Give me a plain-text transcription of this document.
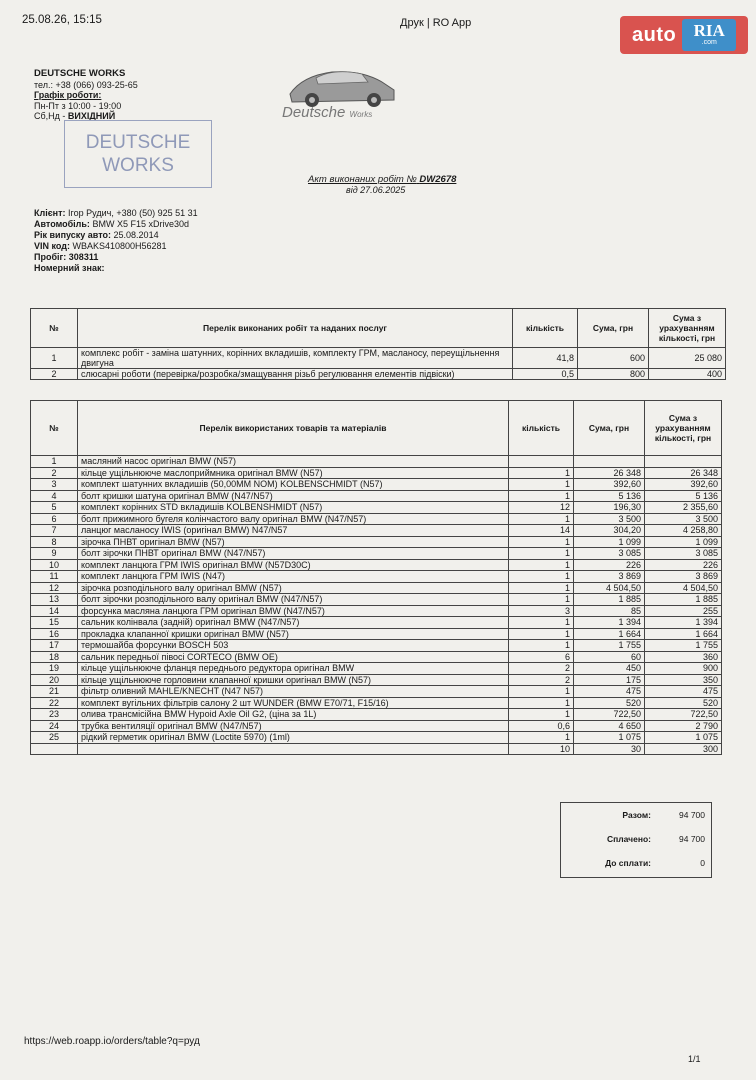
25.08.26, 15:15	Друк | RO App
auto RIA
.com
DEUTSCHE WORKS
тел.: +38 (066) 093-25-65
Графік роботи:
Пн-Пт з 10:00 - 19:00
Сб,Нд - ВИХІДНИЙ
DEUTSCHE
WORKS
Deutsche Works
Акт виконаних робіт № DW2678
від 27.06.2025
Клієнт: Ігор Рудич, +380 (50) 925 51 31
Автомобіль: BMW X5 F15 xDrive30d
Рік випуску авто: 25.08.2014
VIN код: WBAKS410800H56281
Пробіг: 308311
Номерний знак:
№	Перелік виконаних робіт та наданих послуг	кількість	Сума, грн	Сума з урахуванням кількості, грн
1	комплекс робіт - заміна шатунних, корінних вкладишів, комплекту ГРМ, масланосу, переущільнення двигуна	41,8	600	25 080
2	слюсарні роботи (перевірка/розробка/змащування різьб регулювання елементів підвіски)	0,5	800	400
№	Перелік використаних товарів та матеріалів	кількість	Сума, грн	Сума з урахуванням кількості, грн
1	масляний насос оригінал BMW (N57)			
2	кільце ущільнююче маслоприймника оригінал BMW (N57)	1	26 348	26 348
3	комплект шатунних вкладишів (50,00MM NOM) KOLBENSCHMIDT (N57)	1	392,60	392,60
4	болт кришки шатуна оригінал BMW (N47/N57)	1	5 136	5 136
5	комплект корінних STD вкладишів KOLBENSHMIDT (N57)	12	196,30	2 355,60
6	болт прижимного бугеля колінчастого валу оригінал BMW (N47/N57)	1	3 500	3 500
7	ланцюг масланосу IWIS (оригінал BMW) N47/N57	14	304,20	4 258,80
8	зірочка ПНВТ оригінал BMW (N57)	1	1 099	1 099
9	болт зірочки ПНВТ оригінал BMW (N47/N57)	1	3 085	3 085
10	комплект ланцюга ГРМ IWIS оригінал BMW (N57D30C)	1	226	226
11	комплект ланцюга ГРМ IWIS (N47)	1	3 869	3 869
12	зірочка розподільного валу оригінал BMW (N57)	1	4 504,50	4 504,50
13	болт зірочки розподільного валу оригінал BMW (N47/N57)	1	1 885	1 885
14	форсунка масляна ланцюга ГРМ оригінал BMW (N47/N57)	3	85	255
15	сальник колінвала (задній) оригінал BMW (N47/N57)	1	1 394	1 394
16	прокладка клапанної кришки оригінал BMW (N57)	1	1 664	1 664
17	термошайба форсунки BOSCH 503	1	1 755	1 755
18	сальник передньої півосі CORTECO (BMW OE)	6	60	360
19	кільце ущільнююче фланця переднього редуктора оригінал BMW	2	450	900
20	кільце ущільнююче горловини клапанної кришки оригінал BMW (N57)	2	175	350
21	фільтр оливний MAHLE/KNECHT (N47 N57)	1	475	475
22	комплект вугільних фільтрів салону 2 шт WUNDER (BMW E70/71, F15/16)	1	520	520
23	олива трансмісійна BMW Hypoid Axle Oil G2, (ціна за 1L)	1	722,50	722,50
24	трубка вентиляції оригінал BMW (N47/N57)	0,6	4 650	2 790
25	рідкий герметик оригінал BMW (Loctite 5970) (1ml)	1	1 075	1 075
		10	30	300
Разом:	94 700
Сплачено:	94 700
До сплати:	0
https://web.roapp.io/orders/table?q=руд
1/1
